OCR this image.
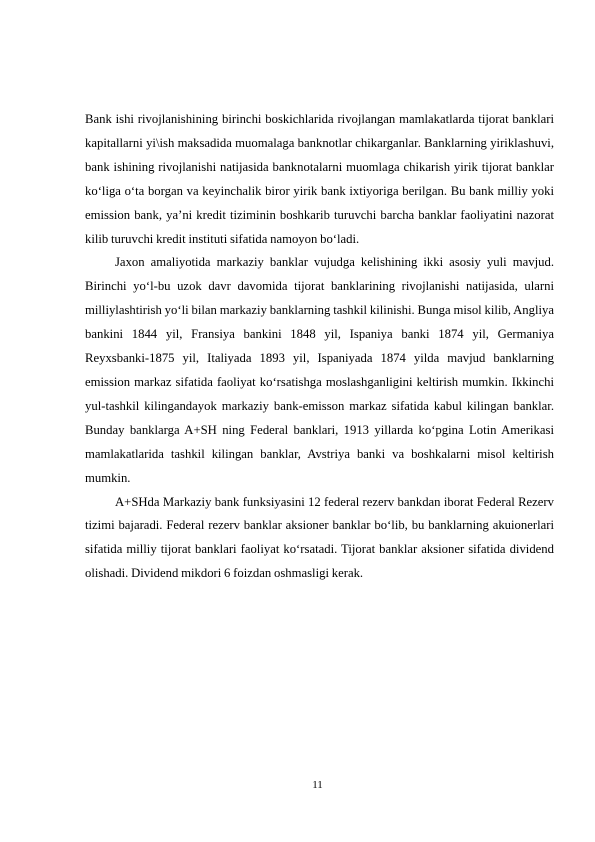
Bank ishi rivojlanishining birinchi boskichlarida rivojlangan mamlakatlarda tijorat banklari kapitallarni yi\ish maksadida muomalaga banknotlar chikarganlar. Banklarning yiriklashuvi, bank ishining rivojlanishi natijasida banknotalarni muomlaga chikarish yirik tijorat banklar ko‘liga o‘ta borgan va keyinchalik biror yirik bank ixtiyoriga berilgan. Bu bank milliy yoki emission bank, ya’ni kredit tiziminin boshkarib turuvchi barcha banklar faoliyatini nazorat kilib turuvchi kredit instituti sifatida namoyon bo‘ladi.

Jaxon amaliyotida markaziy banklar vujudga kelishining ikki asosiy yuli mavjud. Birinchi yo‘l-bu uzok davr davomida tijorat banklarining rivojlanishi natijasida, ularni milliylashtirish yo‘li bilan markaziy banklarning tashkil kilinishi. Bunga misol kilib, Angliya bankini 1844 yil, Fransiya bankini 1848 yil, Ispaniya banki 1874 yil, Germaniya Reyxsbanki-1875 yil, Italiyada 1893 yil, Ispaniyada 1874 yilda mavjud banklarning emission markaz sifatida faoliyat ko‘rsatishga moslashganligini keltirish mumkin. Ikkinchi yul-tashkil kilingandayok markaziy bank-emisson markaz sifatida kabul kilingan banklar. Bunday banklarga A+SH ning Federal banklari, 1913 yillarda ko‘pgina Lotin Amerikasi mamlakatlarida tashkil kilingan banklar, Avstriya banki va boshkalarni misol keltirish mumkin.

A+SHda Markaziy bank funksiyasini 12 federal rezerv bankdan iborat Federal Rezerv tizimi bajaradi. Federal rezerv banklar aksioner banklar bo‘lib, bu banklarning akuionerlari sifatida milliy tijorat banklari faoliyat ko‘rsatadi. Tijorat banklar aksioner sifatida dividend olishadi. Dividend mikdori 6 foizdan oshmasligi kerak.

11
